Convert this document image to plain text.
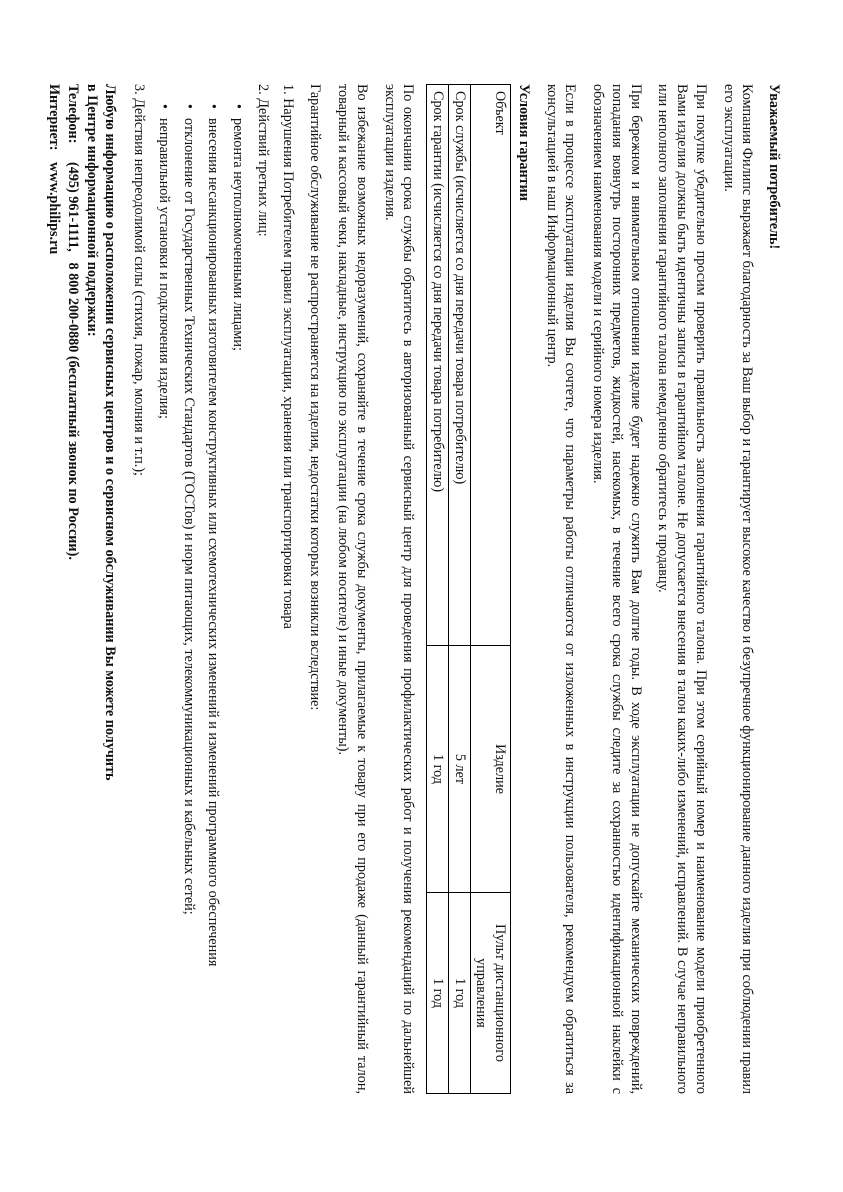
Уважаемый потребитель!

Компания Филипс выражает благодарность за Ваш выбор и гарантирует высокое качество и безупречное функционирование данного изделия при соблюдении правил его эксплуатации.

При покупке убедительно просим проверить правильность заполнения гарантийного талона. При этом серийный номер и наименование модели приобретенного Вами изделия должны быть идентичны записи в гарантийном талоне. Не допускается внесения в талон каких-либо изменений, исправлений. В случае неправильного или неполного заполнения гарантийного талона немедленно обратитесь к продавцу.

При бережном и внимательном отношении изделие будет надежно служить Вам долгие годы. В ходе эксплуатации не допускайте механических повреждений, попадания вовнутрь посторонних предметов, жидкостей, насекомых, в течение всего срока службы следите за сохранностью идентификационной наклейки с обозначением наименования модели и серийного номера изделия.

Если в процессе эксплуатации изделия Вы сочтете, что параметры работы отличаются от изложенных в инструкции пользователя, рекомендуем обратиться за консультацией в наш Информационный центр.

Условия гарантии
Объект	Изделие	Пульт дистанционного управления
Срок службы (исчисляется со дня передачи товара потребителю)	5 лет	1 год
Срок гарантии (исчисляется со дня передачи товара потребителю)	1 год	1 год

По окончании срока службы обратитесь в авторизованный сервисный центр для проведения профилактических работ и получения рекомендаций по дальнейшей эксплуатации изделия.

Во избежание возможных недоразумений, сохраняйте в течение срока службы документы, прилагаемые к товару при его продаже (данный гарантийный талон, товарный и кассовый чеки, накладные, инструкцию по эксплуатации (на любом носителе) и иные документы).

Гарантийное обслуживание не распространяется на изделия, недостатки которых возникли вследствие:

1. Нарушения Потребителем правил эксплуатации, хранения или транспортировки товара
2. Действий третьих лиц:
• ремонта неуполномоченными лицами;
• внесения несанкционированных изготовителем конструктивных или схемотехнических изменений и изменений программного обеспечения
• отклонение от Государственных Технических Стандартов (ГОСТов) и норм питающих, телекоммуникационных и кабельных сетей;
• неправильной установки и подключения изделия;
3. Действия непреодолимой силы (стихия, пожар, молния и т.п.);
Любую информацию о расположении сервисных центров и о сервисном обслуживании Вы можете получить
в Центре информационной поддержки:
Телефон:
(495) 961-1111,   8 800 200-0880 (бесплатный звонок по России).
Интернет:
www.philips.ru
